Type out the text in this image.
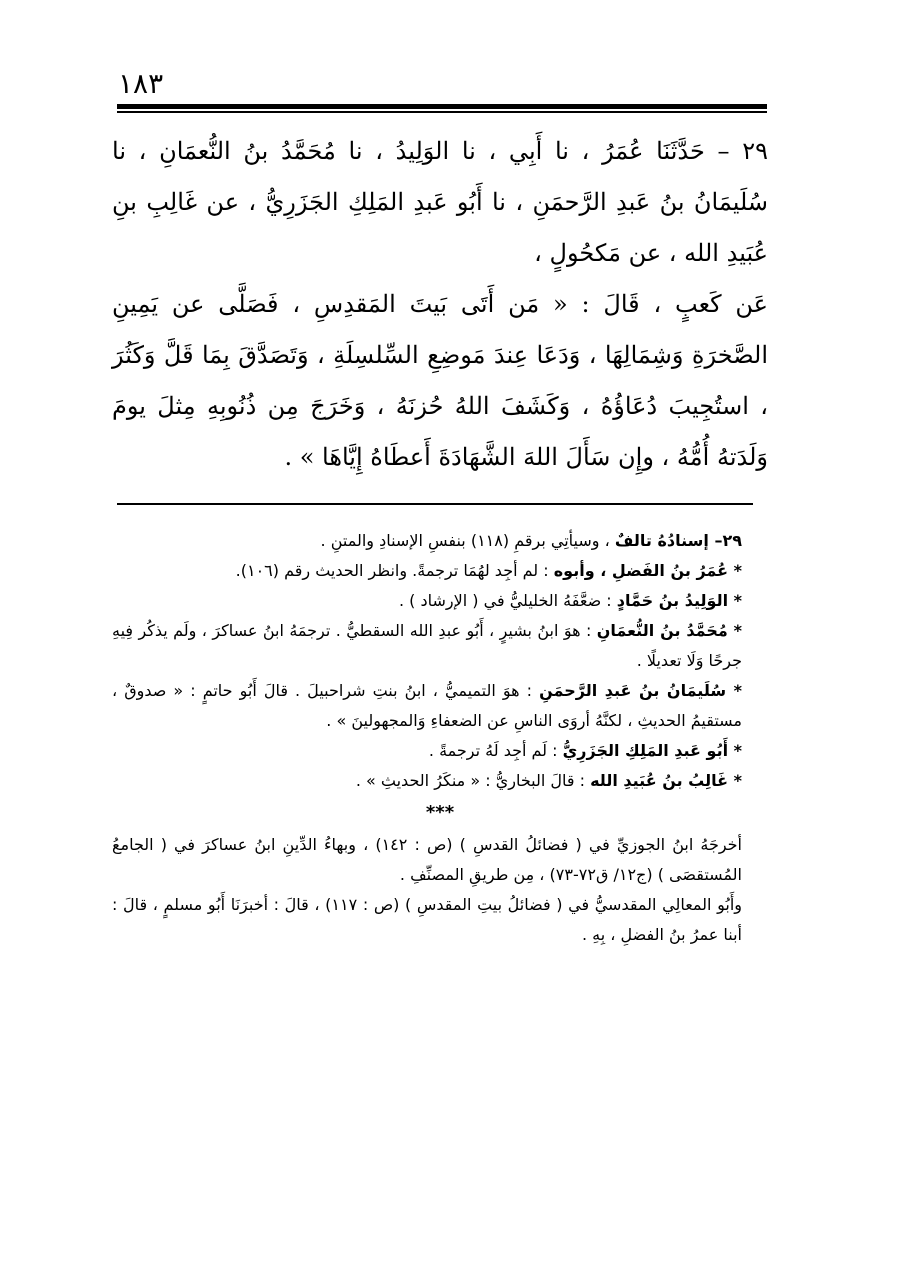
١٨٣

٢٩ – حَدَّثَنَا عُمَرُ ، نا أَبِي ، نا الوَلِيدُ ، نا مُحَمَّدُ بنُ النُّعمَانِ ، نا سُلَيمَانُ بنُ عَبدِ الرَّحمَنِ ، نا أَبُو عَبدِ المَلِكِ الجَزَرِيُّ ، عن غَالِبِ بنِ عُبَيدِ الله ، عن مَكحُولٍ ،

عَن كَعبٍ ، قَالَ : « مَن أَتَى بَيتَ المَقدِسِ ، فَصَلَّى عن يَمِينِ الصَّخرَةِ وَشِمَالِهَا ، وَدَعَا عِندَ مَوضِعِ السِّلسِلَةِ ، وَتَصَدَّقَ بِمَا قَلَّ وَكَثُرَ ، استُجِيبَ دُعَاؤُهُ ، وَكَشَفَ اللهُ حُزنَهُ ، وَخَرَجَ مِن ذُنُوبِهِ مِثلَ يومَ وَلَدَتهُ أُمُّهُ ، وإِن سَأَلَ اللهَ الشَّهَادَةَ أَعطَاهُ إِيَّاهَا » .

٢٩– إسنادُهُ تالفٌ ، وسيأتِي برقمِ (١١٨) بنفسِ الإسنادِ والمتنِ .

* عُمَرُ بنُ الفَضلِ ، وأبوه : لم أجِد لهُمَا ترجمةً. وانظر الحديث رقم (١٠٦).

* الوَلِيدُ بنُ حَمَّادٍ : ضعَّفَهُ الخليليُّ في ( الإرشاد ) .

* مُحَمَّدُ بنُ النُّعمَانِ : هوَ ابنُ بشيرٍ ، أَبُو عبدِ الله السقطيُّ . ترجمَهُ ابنُ عساكرَ ، ولَم يذكُر فِيهِ جرحًا وَلَا تعديلًا .

* سُلَيمَانُ بنُ عَبدِ الرَّحمَنِ : هوَ التميميُّ ، ابنُ بنتِ شراحبيلَ . قالَ أَبُو حاتمٍ : « صدوقٌ ، مستقيمُ الحديثِ ، لكنَّهُ أروَى الناسِ عن الضعفاءِ وَالمجهولينَ » .

* أَبُو عَبدِ المَلِكِ الجَزَرِيُّ : لَم أجِد لَهُ ترجمةً .

* غَالِبُ بنُ عُبَيدِ الله : قالَ البخاريُّ : « منكَرُ الحديثِ » .

***

أخرجَهُ ابنُ الجوزيِّ في ( فضائلُ القدسِ ) (ص : ١٤٢) ، وبهاءُ الدِّينِ ابنُ عساكرَ في ( الجامعُ المُستقصَى ) (ج١٢/ ق٧٢-٧٣) ، مِن طريقِ المصنِّفِ .

وأَبُو المعالِي المقدسيُّ في ( فضائلُ بيتِ المقدسِ ) (ص : ١١٧) ، قالَ : أخبرَنَا أَبُو مسلمٍ ، قالَ : أبنا عمرُ بنُ الفضلِ ، بِهِ .
